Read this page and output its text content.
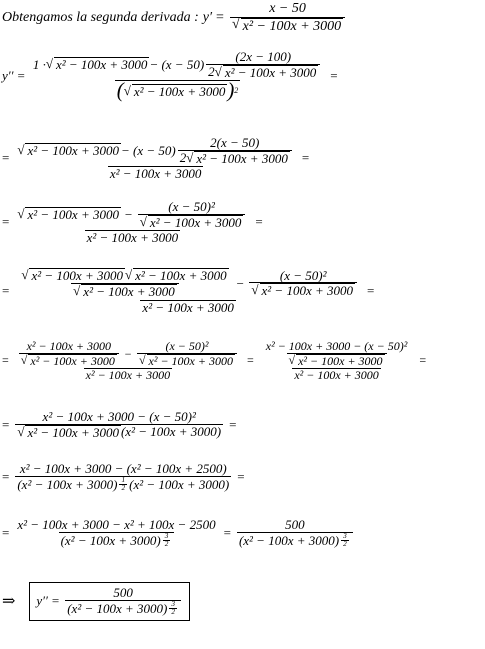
Obtengamos la segunda derivada : $y' = \frac{x - 50}{\text{√ x² − 100x + 3000}}$
y′′ =
1 · √ $x^2 - 100x + 3000 - (x - 50) \frac{(2x - 100)}{\text{2 √ x² − 100x + 3000}}$
( √ x² − 100x + 3000 ) 2
=
=
√ $x^2 - 100x + 3000 - (x - 50) \frac{2(x - 50)}{\text{2 √ x² − 100x + 3000}}$
x² − 100x + 3000
=
=
√ $x^2 - 100x + 3000 - \frac{\text{(x − 50)²}}{\text{√ x² − 100x + 3000}}$
x² − 100x + 3000
=
= $\frac{\text{√ x² − 100x + 3000 √ x² − 100x + 3000}}{\text{√ x² − 100x + 3000}} - \frac{\text{(x − 50)²}}{\text{√ x² − 100x + 3000}}$
x² − 100x + 3000
=
= $\frac{\text{x² − 100x + 3000}}{\text{√ x² − 100x + 3000}} - \frac{\text{(x − 50)²}}{\text{√ x² − 100x + 3000}}$
x² − 100x + 3000
= $\frac{\frac{\text{x² − 100x + 3000 − (x − 50)²}}{\text{√ x² − 100x + 3000}}}{\text{x² − 100x + 3000}}$ =
= $\frac{\text{x² − 100x + 3000 − (x − 50)²}}{\text{√ x² − 100x + 3000 (x² − 100x + 3000)}}$ =
= $\frac{\text{x² − 100x + 3000 − (x² − 100x + 2500)}}{(x^2 - 100x + 3000) \frac{1}{2} (x^2 - 100x + 3000)}$ =
= $\frac{\text{x² − 100x + 3000 − x² + 100x − 2500}}{(x^2 - 100x + 3000) \frac{3}{2}} = \frac{500}{(x^2 - 100x + 3000) \frac{3}{2}}$
⇒ $y'' = \frac{500}{(x^2 - 100x + 3000) \frac{3}{2}}$
